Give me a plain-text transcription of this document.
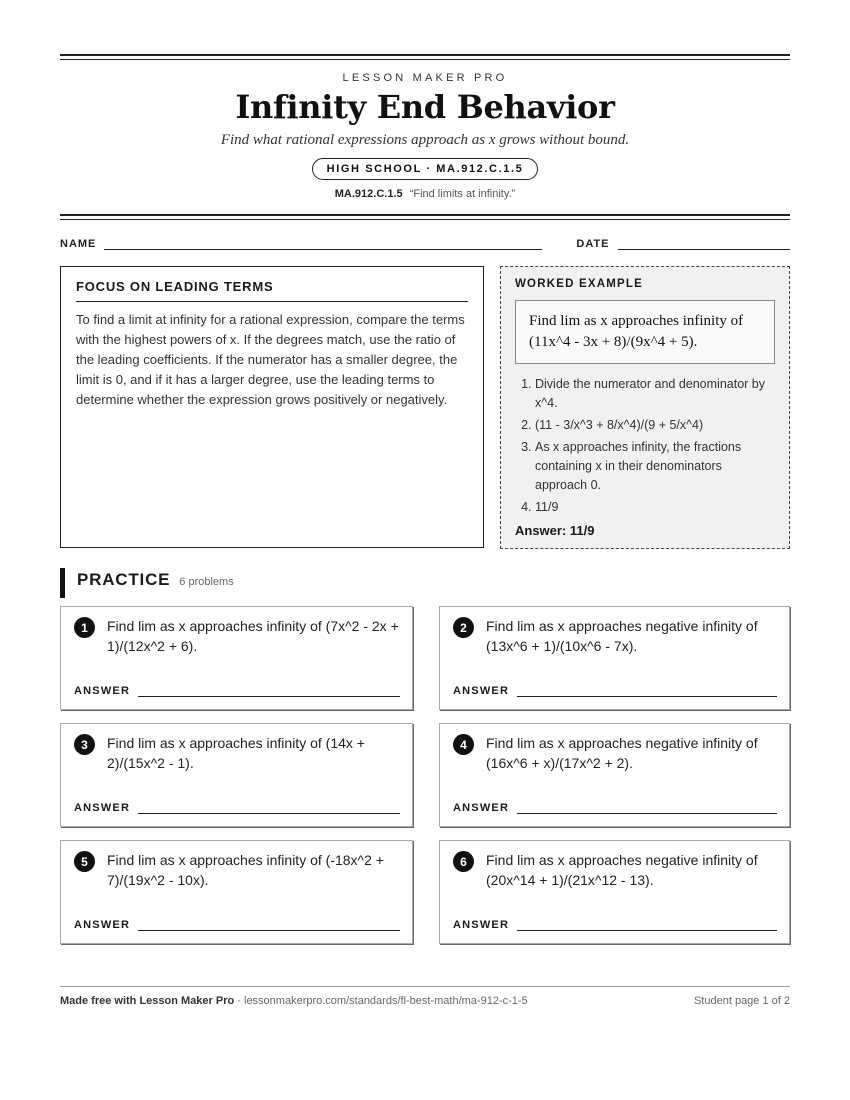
LESSON MAKER PRO
Infinity End Behavior
Find what rational expressions approach as x grows without bound.
HIGH SCHOOL · MA.912.C.1.5
MA.912.C.1.5 “Find limits at infinity.”
NAME	DATE
FOCUS ON LEADING TERMS
To find a limit at infinity for a rational expression, compare the terms with the highest powers of x. If the degrees match, use the ratio of the leading coefficients. If the numerator has a smaller degree, the limit is 0, and if it has a larger degree, use the leading terms to determine whether the expression grows positively or negatively.
WORKED EXAMPLE
Find lim as x approaches infinity of (11x^4 - 3x + 8)/(9x^4 + 5).
1. Divide the numerator and denominator by x^4.
2. (11 - 3/x^3 + 8/x^4)/(9 + 5/x^4)
3. As x approaches infinity, the fractions containing x in their denominators approach 0.
4. 11/9
Answer: 11/9
PRACTICE 6 problems
1	Find lim as x approaches infinity of (7x^2 - 2x + 1)/(12x^2 + 6).
ANSWER
2	Find lim as x approaches negative infinity of (13x^6 + 1)/(10x^6 - 7x).
ANSWER
3	Find lim as x approaches infinity of (14x + 2)/(15x^2 - 1).
ANSWER
4	Find lim as x approaches negative infinity of (16x^6 + x)/(17x^2 + 2).
ANSWER
5	Find lim as x approaches infinity of (-18x^2 + 7)/(19x^2 - 10x).
ANSWER
6	Find lim as x approaches negative infinity of (20x^14 + 1)/(21x^12 - 13).
ANSWER
Made free with Lesson Maker Pro · lessonmakerpro.com/standards/fl-best-math/ma-912-c-1-5	Student page 1 of 2
